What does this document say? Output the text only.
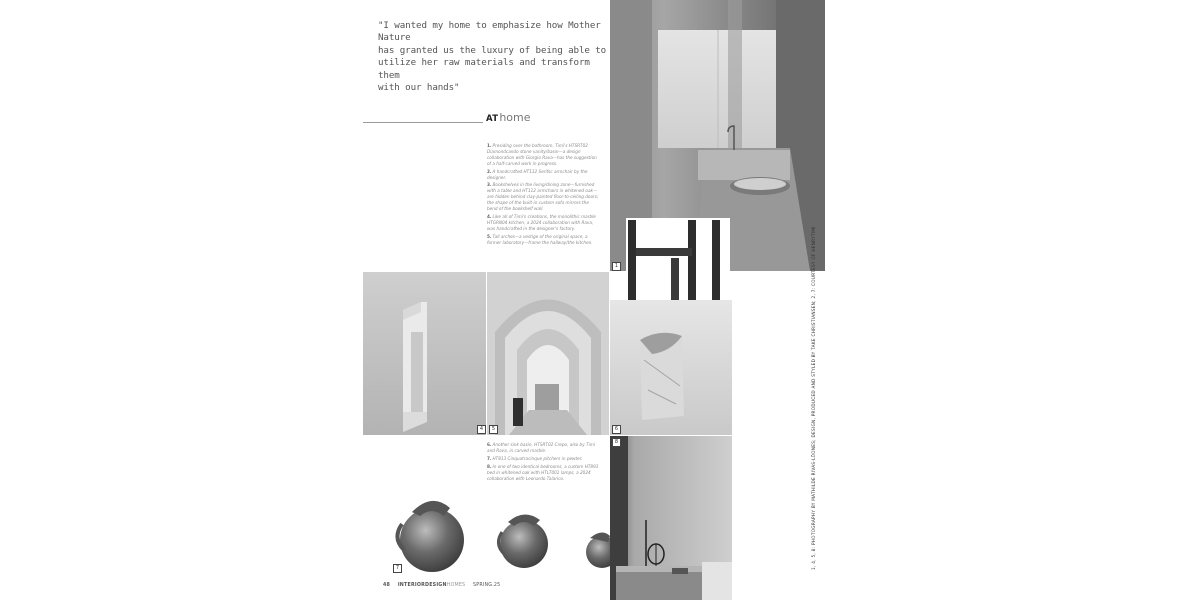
"I wanted my home to emphasize how Mother Nature
has granted us the luxury of being able to
utilize her raw materials and transform them
with our hands"
AThome

1.Presiding over the bathroom, Timi's HTSRT02 Diamondcando stone vanity/basin—a design collaboration with Giorgio Rava—has the suggestion of a half-carved work in progress.

2.A handcrafted HT112 Serifsc armchair by the designer.

3.Bookshelves in the living/dining zone—furnished with a table and HT112 armchairs in whitened oak—are hidden behind clay-painted floor-to-ceiling doors; the shape of the built-in custom sofa mirrors the bend of the bookshelf wall.

4.Like all of Timi's creations, the monolithic marble HTGRN04 kitchen, a 2024 collaboration with Rava, was handcrafted in the designer's factory.

5.Tall arches—a vestige of the original space, a former laboratory—frame the hallway/the kitchen.

6.Another sink basin, HTSRT02 Crepo, also by Timi and Rava, in carved marble.

7.HT813 Cinquatracinque pitchers in pewter.

8.In one of two identical bedrooms, a custom HT893 bed in whitened oak with HTLT001 lamps, a 2024 collaboration with Leonardo Talarico.

1
4	5	6
7
8
48 INTERIORDESIGNHOMES SPRING.25
1, 4, 5, 8: PHOTOGRAPHY BY MATHILDE RIVAS-LÖONES; DESIGN, PRODUCED AND STYLED BY TAKE CHRISTIANSEN; 2, 7: COURTESY OF HENRYTIMI
